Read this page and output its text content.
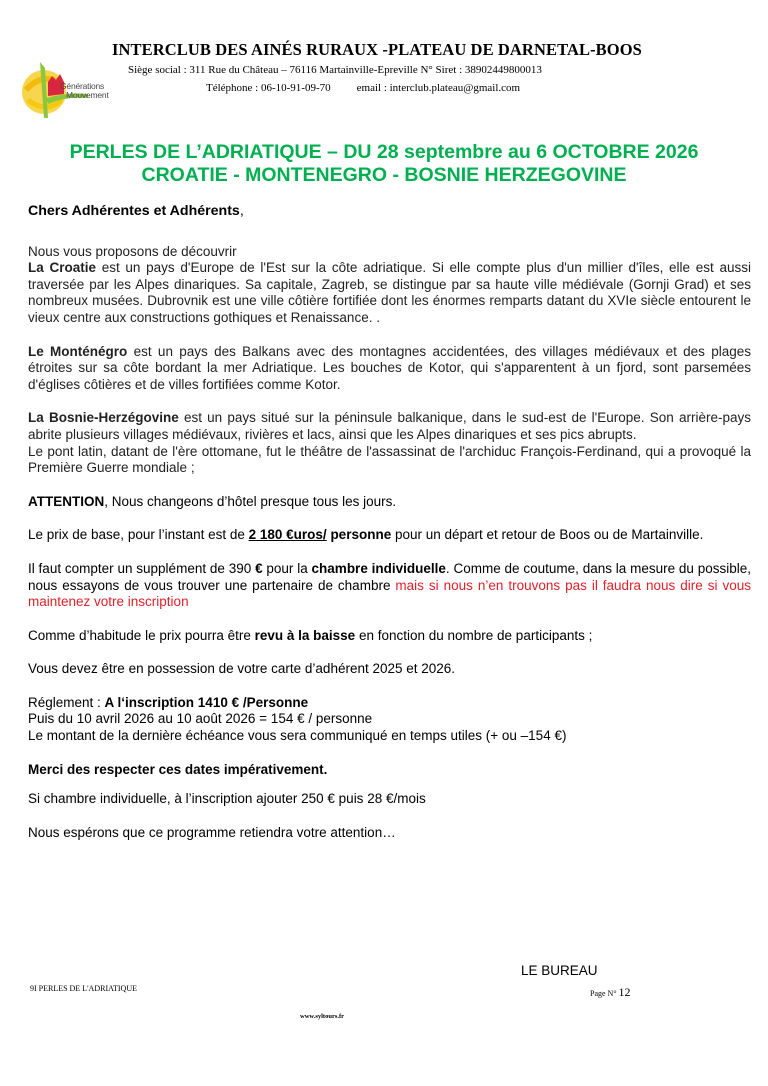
Générations
Mouvement
INTERCLUB DES AINÉS RURAUX -PLATEAU DE DARNETAL-BOOS
Siège social : 311 Rue du Château – 76116 Martainville-Epreville N° Siret : 38902449800013
Téléphone : 06-10-91-09-70 email : interclub.plateau@gmail.com
PERLES DE L’ADRIATIQUE – DU 28 septembre au 6 OCTOBRE 2026
CROATIE - MONTENEGRO - BOSNIE HERZEGOVINE

Chers Adhérentes et Adhérents,

Nous vous proposons de découvrir

La Croatie est un pays d'Europe de l'Est sur la côte adriatique. Si elle compte plus d'un millier d'îles, elle est aussi traversée par les Alpes dinariques. Sa capitale, Zagreb, se distingue par sa haute ville médiévale (Gornji Grad) et ses nombreux musées. Dubrovnik est une ville côtière fortifiée dont les énormes remparts datant du XVIe siècle entourent le vieux centre aux constructions gothiques et Renaissance. .

Le Monténégro est un pays des Balkans avec des montagnes accidentées, des villages médiévaux et des plages étroites sur sa côte bordant la mer Adriatique. Les bouches de Kotor, qui s'apparentent à un fjord, sont parsemées d'églises côtières et de villes fortifiées comme Kotor.

La Bosnie-Herzégovine est un pays situé sur la péninsule balkanique, dans le sud-est de l'Europe. Son arrière-pays abrite plusieurs villages médiévaux, rivières et lacs, ainsi que les Alpes dinariques et ses pics abrupts.

Le pont latin, datant de l'ère ottomane, fut le théâtre de l'assassinat de l'archiduc François-Ferdinand, qui a provoqué la Première Guerre mondiale ;

ATTENTION, Nous changeons d’hôtel presque tous les jours.

Le prix de base, pour l’instant est de 2 180 €uros/ personne pour un départ et retour de Boos ou de Martainville.

Il faut compter un supplément de 390 € pour la chambre individuelle. Comme de coutume, dans la mesure du possible, nous essayons de vous trouver une partenaire de chambre mais si nous n’en trouvons pas il faudra nous dire si vous maintenez votre inscription

Comme d’habitude le prix pourra être revu à la baisse en fonction du nombre de participants ;

Vous devez être en possession de votre carte d’adhérent 2025 et 2026.

Réglement : A l‘inscription 1410 € /Personne

Puis du 10 avril 2026 au 10 août 2026 = 154 € / personne

Le montant de la dernière échéance vous sera communiqué en temps utiles (+ ou –154 €)

Merci des respecter ces dates impérativement.

Si chambre individuelle, à l’inscription ajouter 250 € puis 28 €/mois

Nous espérons que ce programme retiendra votre attention…

LE BUREAU
9I PERLES DE L'ADRIATIQUE
Page N° 12
www.syltours.fr
